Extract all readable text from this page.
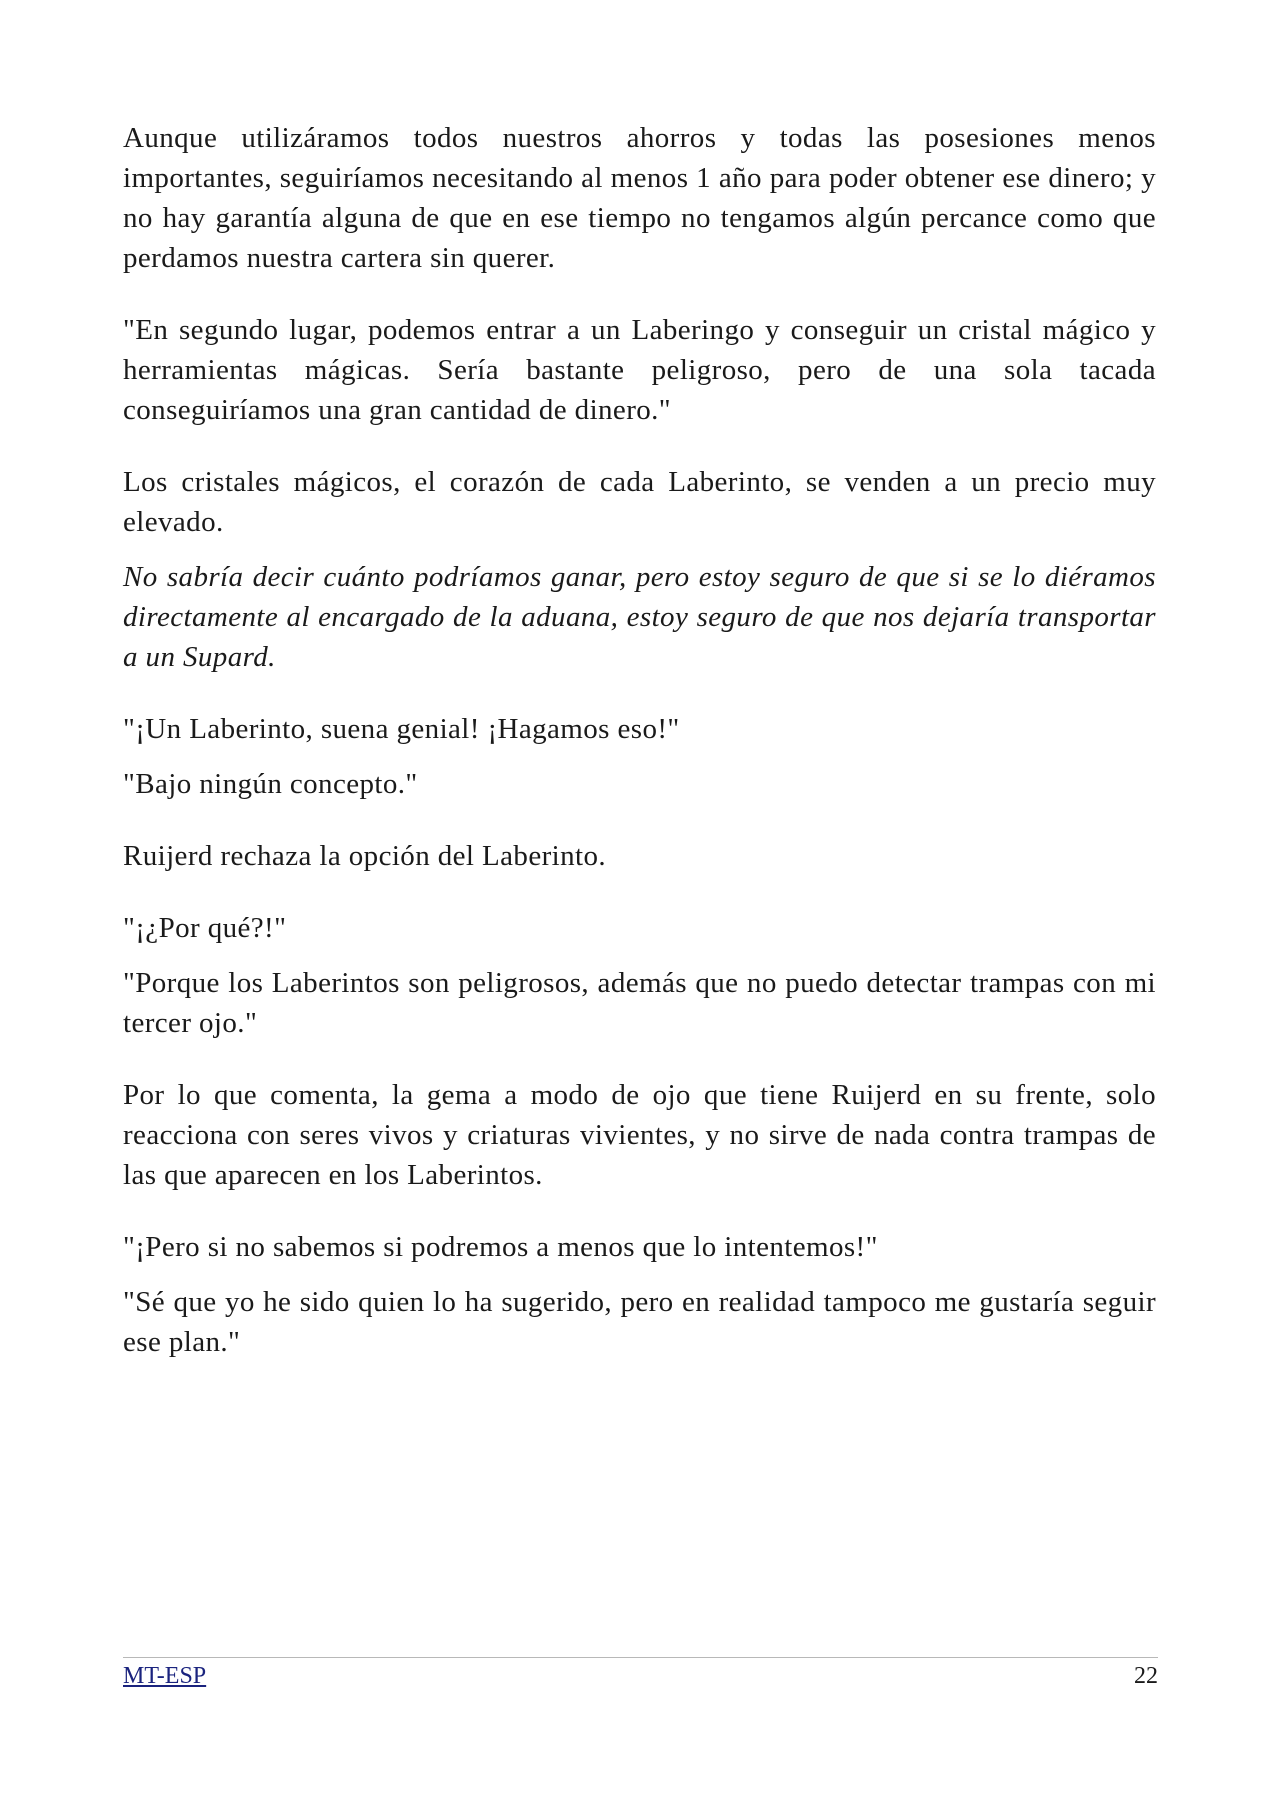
Aunque utilizáramos todos nuestros ahorros y todas las posesiones menos importantes, seguiríamos necesitando al menos 1 año para poder obtener ese dinero; y no hay garantía alguna de que en ese tiempo no tengamos algún percance como que perdamos nuestra cartera sin querer.

"En segundo lugar, podemos entrar a un Laberingo y conseguir un cristal mágico y herramientas mágicas. Sería bastante peligroso, pero de una sola tacada conseguiríamos una gran cantidad de dinero."

Los cristales mágicos, el corazón de cada Laberinto, se venden a un precio muy elevado.

No sabría decir cuánto podríamos ganar, pero estoy seguro de que si se lo diéramos directamente al encargado de la aduana, estoy seguro de que nos dejaría transportar a un Supard.

"¡Un Laberinto, suena genial! ¡Hagamos eso!"

"Bajo ningún concepto."

Ruijerd rechaza la opción del Laberinto.

"¡¿Por qué?!"

"Porque los Laberintos son peligrosos, además que no puedo detectar trampas con mi tercer ojo."

Por lo que comenta, la gema a modo de ojo que tiene Ruijerd en su frente, solo reacciona con seres vivos y criaturas vivientes, y no sirve de nada contra trampas de las que aparecen en los Laberintos.

"¡Pero si no sabemos si podremos a menos que lo intentemos!"

"Sé que yo he sido quien lo ha sugerido, pero en realidad tampoco me gustaría seguir ese plan."

MT-ESP	22
